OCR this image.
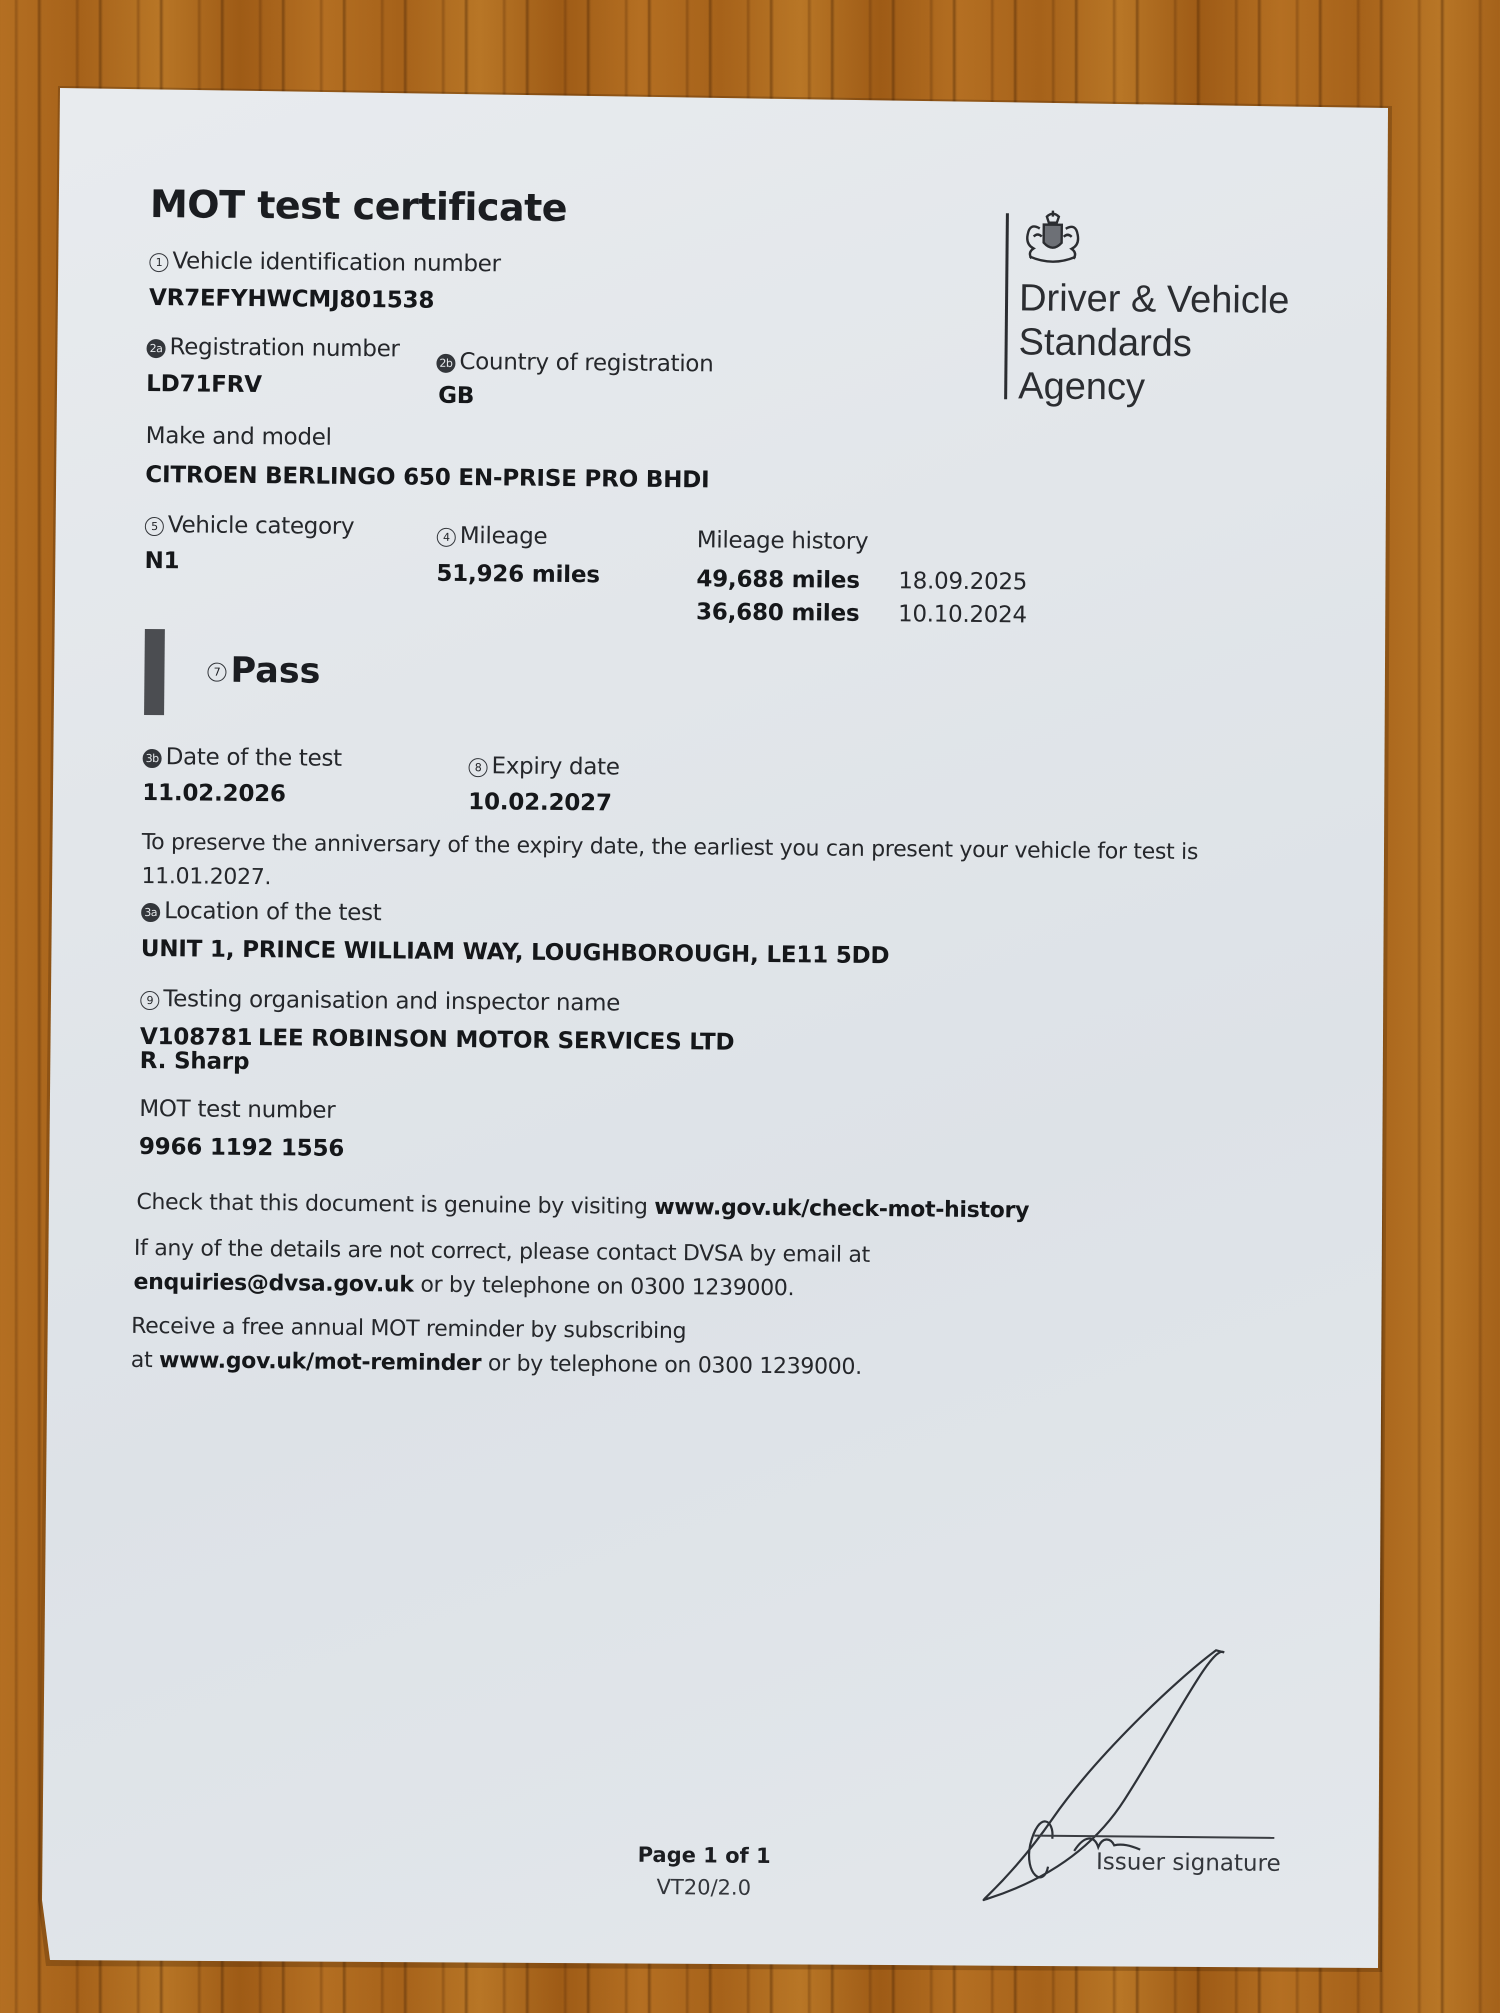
MOT test certificate
Driver & Vehicle
Standards
Agency
1 Vehicle identification number
VR7EFYHWCMJ801538
2a Registration number
LD71FRV
2b Country of registration
GB
Make and model
CITROEN BERLINGO 650 EN-PRISE PRO BHDI
5 Vehicle category
N1
4 Mileage
51,926 miles
Mileage history
49,688 miles 18.09.2025
36,680 miles 10.10.2024
7 Pass
3b Date of the test
11.02.2026
8 Expiry date
10.02.2027
To preserve the anniversary of the expiry date, the earliest you can present your vehicle for test is
11.01.2027.
3a Location of the test
UNIT 1, PRINCE WILLIAM WAY, LOUGHBOROUGH, LE11 5DD
9 Testing organisation and inspector name
V108781 LEE ROBINSON MOTOR SERVICES LTD
R. Sharp
MOT test number
9966 1192 1556
Check that this document is genuine by visiting www.gov.uk/check-mot-history
If any of the details are not correct, please contact DVSA by email at
enquiries@dvsa.gov.uk or by telephone on 0300 1239000.
Receive a free annual MOT reminder by subscribing
at www.gov.uk/mot-reminder or by telephone on 0300 1239000.
Page 1 of 1
VT20/2.0
Issuer signature
